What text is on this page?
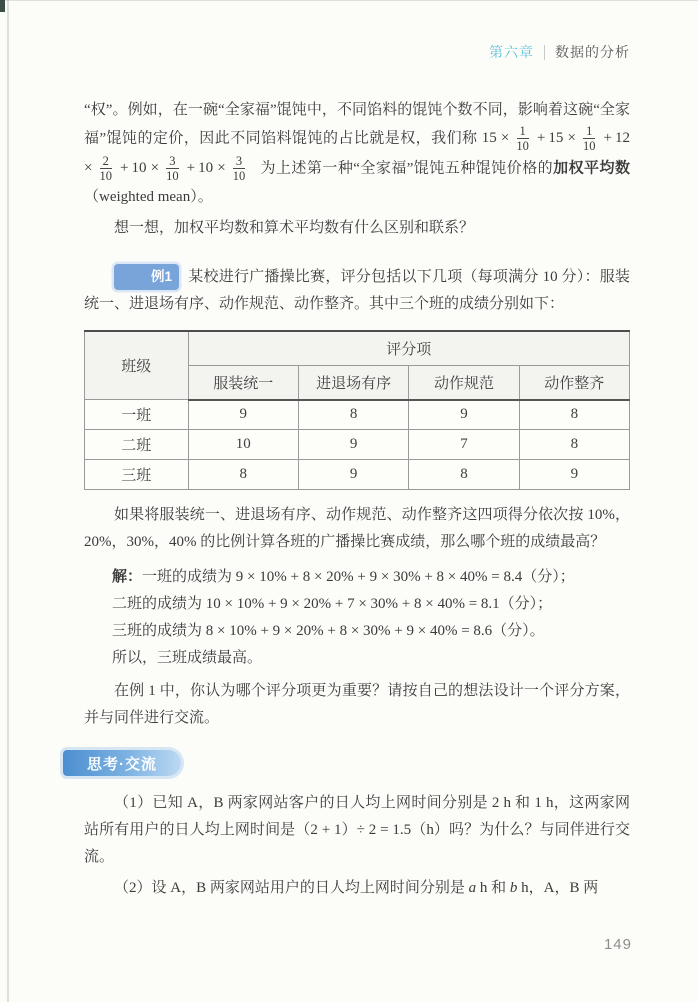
第六章 数据的分析

“权”。例如，在一碗“全家福”馄饨中，不同馅料的馄饨个数不同，影响着这碗“全家福”馄饨的定价，因此不同馅料馄饨的占比就是权，我们称 $15 \times \frac{1}{10} + 15 \times \frac{1}{10} + 12 \times \frac{2}{10} + 10 \times \frac{3}{10} + 10 \times \frac{3}{10}$ 为上述第一种“全家福”馄饨五种馄饨价格的加权平均数（weighted mean）。

想一想，加权平均数和算术平均数有什么区别和联系？

例1 某校进行广播操比赛，评分包括以下几项（每项满分 10 分）：服装统一、进退场有序、动作规范、动作整齐。其中三个班的成绩分别如下：

班级	评分项			
	服装统一	进退场有序	动作规范	动作整齐
一班	9	8	9	8
二班	10	9	7	8
三班	8	9	8	9

如果将服装统一、进退场有序、动作规范、动作整齐这四项得分依次按 10%，20%，30%，40% 的比例计算各班的广播操比赛成绩，那么哪个班的成绩最高？

解：一班的成绩为 9 × 10% + 8 × 20% + 9 × 30% + 8 × 40% = 8.4（分）；
二班的成绩为 10 × 10% + 9 × 20% + 7 × 30% + 8 × 40% = 8.1（分）；
三班的成绩为 8 × 10% + 9 × 20% + 8 × 30% + 9 × 40% = 8.6（分）。
所以，三班成绩最高。

在例 1 中，你认为哪个评分项更为重要？请按自己的想法设计一个评分方案，并与同伴进行交流。

思考·交流

（1）已知 A，B 两家网站客户的日人均上网时间分别是 2 h 和 1 h，这两家网站所有用户的日人均上网时间是（2 + 1）÷ 2 = 1.5（h）吗？为什么？与同伴进行交流。

（2）设 A，B 两家网站用户的日人均上网时间分别是 a h 和 b h，A，B 两

149
